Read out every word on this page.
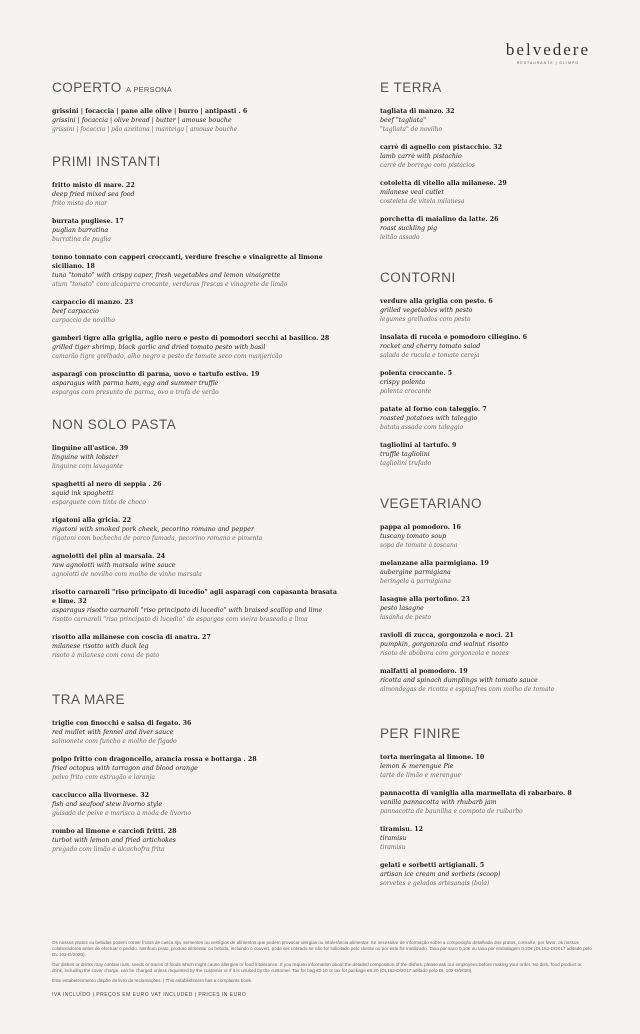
belvedere
RESTAURANTE | OLIMPO
COPERTO A PERSONA
grissini | focaccia | pane alle olive | burro | antipasti . 6
grissini | focaccia | olive bread | butter | amouse bouche
grissini | focaccia | pão azeitona | manteiga | amouse bouche
PRIMI INSTANTI
fritto misto di mare. 22
deep fried mixed sea food
frito misto do mar
burrata pugliese. 17
puglian burratina
burratina de puglia
tonno tonnato con capperi croccanti, verdure fresche e vinaigrette al limone siciliano. 18
tuna "tonato" with crispy caper, fresh vegetables and lemon vinaigrette
atum "tonato" com alcaparra crocante, verduras frescas e vinagrete de limão
carpaccio di manzo. 23
beef carpaccio
carpaccio de novilho
gamberi tigre alla griglia, aglio nero e pesto di pomodori secchi al basilico. 28
grilled tiger shrimp, black garlic and dried tomato pesto with basil
camarão tigre grelhado, alho negro e pesto de tomate seco com manjericão
asparagi con prosciutto di parma, uovo e tartufo estivo. 19
asparagus with parma ham, egg and summer truffle
espargos com presunto de parma, ovo e trufa de verão
NON SOLO PASTA
linguine all'astice. 39
linguine with lobster
linguine com lavagante
spaghetti al nero di seppia . 26
squid ink spaghetti
esparguete com tinta de choco
rigatoni alla gricia. 22
rigatoni with smoked pork cheek, pecorino romano and pepper
rigatoni com bochecha de porco fumada, pecorino romano e pimenta
agnolotti del plin al marsala. 24
raw agnolotti with marsala wine sauce
agnolotti de novilho com molho de vinho marsala
risotto carnaroli "riso principato di lucedio" agli asparagi con capasanta brasata e lime. 32
asparagus risotto carnaroli "riso principato di lucedio" with braised scallop and lime
risotto carnaroli "riso principato di lucedio" de espargos com vieira braseada e lima
risotto alla milanese con coscia di anatra. 27
milanese risotto with duck leg
risoto à milanesa com coxa de pato
TRA MARE
triglie con finocchi e salsa di fegato. 36
red mullet with fennel and liver sauce
salmonete com funcho e molho de fígado
polpo fritto con dragoncello, arancia rossa e bottarga . 28
fried octopus with tarragon and blood orange
polvo frito com estragão e laranja
cacciucco alla livornese. 32
fish and seafood stew livorno style
guisado de peixe e marisco à moda de livorno
rombo al limone e carciofi fritti. 28
turbot with lemon and fried artichokes
pregado com limão e alcachofra frita
E TERRA
tagliata di manzo. 32
beef "tagliata"
"tagliata" de novilho
carrè di agnello con pistacchio. 32
lamb carrè with pistachio
carrè de borrego com pistácios
cotoletta di vitello alla milanese. 29
milanese veal cutlet
costeleta de vitela milanesa
porchetta di maialino da latte. 26
roast suckling pig
leitão assado
CONTORNI
verdure alla griglia con pesto. 6
grilled vegetables with pesto
legumes grelhados com pesto
insalata di rucola e pomodoro ciliegino. 6
rocket and cherry tomato salad
salada de rucula e tomate cereja
polenta croccante. 5
crispy polenta
polenta crocante
patate al forno con taleggio. 7
roasted potatoes with taleggio
batata assada com taleggio
tagliolini al tartufo. 9
truffle tagliolini
tagliolini trufado
VEGETARIANO
pappa al pomodoro. 16
tuscany tomato soup
sopa de tomate à toscana
melanzane alla parmigiana. 19
aubergine parmigiana
beringela à parmigiana
lasagne alla portofino. 23
pesto lasagne
lasanha de pesto
ravioli di zucca, gorgonzola e noci. 21
pumpkin, gorgonzola and walnut risotto
risoto de abóbora com gorgonzola e nozes
malfatti al pomodoro. 19
ricotta and spinach dumplings with tomato sauce
almondegas de ricotta e espinafres com molho de tomate
PER FINIRE
torta meringata al limone. 10
lemon & merengue Pie
tarte de limão e merengue
pannacotta di vaniglia alla marmellata di rabarbaro. 8
vanilla pannacotta with rhubarb jam
pannacotta de baunilha e compota de ruibarbo
tiramisu. 12
tiramisu
tiramisu
gelati e sorbetti artigianali. 5
artisan ice cream and sorbets (scoop)
sorvetes e gelados artesanais (bola)

Os nossos pratos ou bebidas podem conter frutos de casca rija, sementes ou vestígios de alimentos que podem provocar alergias ou intolerância alimentar. Se necessitar de informação sobre a composição detalhada dos pratos, consulte, por favor, os nossos colaboradores antes de efectuar o pedido. Nenhum prato, produto alimentar ou bebida, incluindo o couvert, pode ser cobrado se não for solicitado pelo cliente ou por este for inutilizado. Taxa por saco 0,10€ ou taxa por embalagem 0,20€ (DL152-D/2017 aditado pelo DL 102-D/2020).

Our dishes or drinks may contain nuts, seeds or traces of foods which might cause allergies or food intolerance. If you require information about the detailed composition of the dishes, please ask our employees before making your order. No dish, food product or drink, including the cover charge, can be charged unless requested by the customer or if it is unused by the customer. Tax for bag €0.10 or tax for package €0.20 (DL152-D/2017 aditado pelo DL 102-D/2020).

Este estabelecimento dispõe de livro de reclamações. | This establishment has a complaints book.

IVA INCLUÍDO | PREÇOS EM EURO VAT INCLUDED | PRICES IN EURO
